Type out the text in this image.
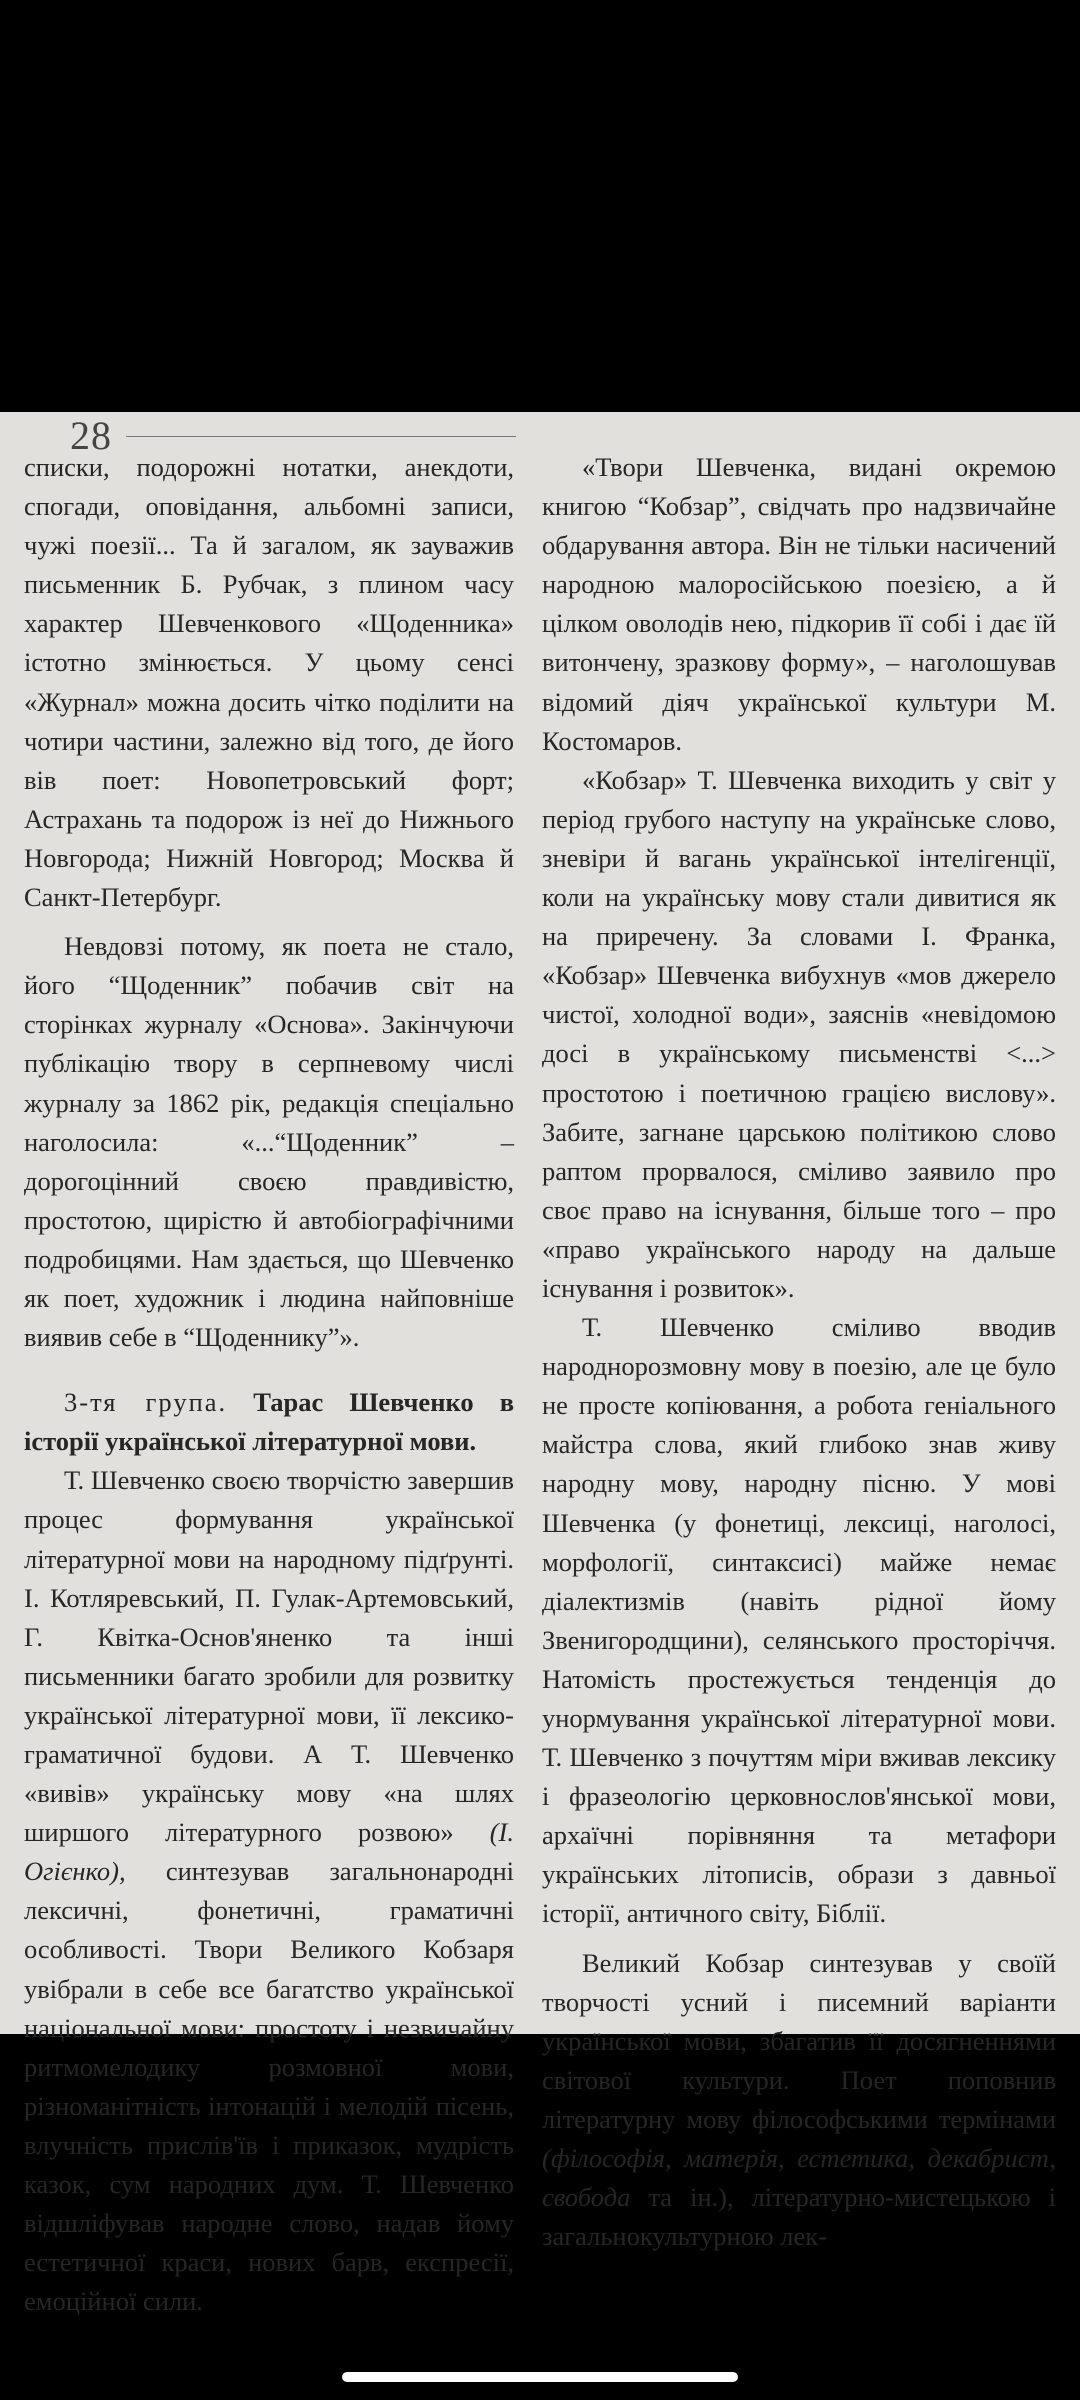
28

списки, подорожні нотатки, анекдоти, спогади, оповідання, альбомні записи, чужі поезії... Та й загалом, як зауважив письменник Б. Рубчак, з плином часу характер Шевченкового «Щоденника» істотно змінюється. У цьому сенсі «Журнал» можна досить чітко поділити на чотири частини, залежно від того, де його вів поет: Новопетровський форт; Астрахань та подорож із неї до Нижнього Новгорода; Нижній Новгород; Москва й Санкт-Петербург.

Невдовзі потому, як поета не стало, його “Щоденник” побачив світ на сторінках журналу «Основа». Закінчуючи публікацію твору в серпневому числі журналу за 1862 рік, редакція спеціально наголосила: «...“Щоденник” – дорогоцінний своєю правдивістю, простотою, щирістю й автобіографічними подробицями. Нам здається, що Шевченко як поет, художник і людина найповніше виявив себе в “Щоденнику”».

3-тя група. Тарас Шевченко в історії української літературної мови.

Т. Шевченко своєю творчістю завершив процес формування української літературної мови на народному підґрунті. І. Котляревський, П. Гулак-Артемовський, Г. Квітка-Основ'яненко та інші письменники багато зробили для розвитку української літературної мови, її лексико-граматичної будови. А Т. Шевченко «вивів» українську мову «на шлях ширшого літературного розвою» (І. Огієнко), синтезував загальнонародні лексичні, фонетичні, граматичні особливості. Твори Великого Кобзаря увібрали в себе все багатство української національної мови: простоту і незвичайну ритмомелодику розмовної мови, різноманітність інтонацій і мелодій пісень, влучність прислів'їв і приказок, мудрість казок, сум народних дум. Т. Шевченко відшліфував народне слово, надав йому естетичної краси, нових барв, експресії, емоційної сили.

«Твори Шевченка, видані окремою книгою “Кобзар”, свідчать про надзвичайне обдарування автора. Він не тільки насичений народною малоросійською поезією, а й цілком оволодів нею, підкорив її собі і дає їй витончену, зразкову форму», – наголошував відомий діяч української культури М. Костомаров.

«Кобзар» Т. Шевченка виходить у світ у період грубого наступу на українське слово, зневіри й вагань української інтелігенції, коли на українську мову стали дивитися як на приречену. За словами І. Франка, «Кобзар» Шевченка вибухнув «мов джерело чистої, холодної води», заяснів «невідомою досі в українському письменстві <...> простотою і поетичною грацією вислову». Забите, загнане царською політикою слово раптом прорвалося, сміливо заявило про своє право на існування, більше того – про «право українського народу на дальше існування і розвиток».

Т. Шевченко сміливо вводив народнорозмовну мову в поезію, але це було не просте копіювання, а робота геніального майстра слова, який глибоко знав живу народну мову, народну пісню. У мові Шевченка (у фонетиці, лексиці, наголосі, морфології, синтаксисі) майже немає діалектизмів (навіть рідної йому Звенигородщини), селянського просторіччя. Натомість простежується тенденція до унормування української літературної мови. Т. Шевченко з почуттям міри вживав лексику і фразеологію церковнослов'янської мови, архаїчні порівняння та метафори українських літописів, образи з давньої історії, античного світу, Біблії.

Великий Кобзар синтезував у своїй творчості усний і писемний варіанти української мови, збагатив її досягненнями світової культури. Поет поповнив літературну мову філософськими термінами (філософія, матерія, естетика, декабрист, свобода та ін.), літературно-мистецькою і загальнокультурною лек-
